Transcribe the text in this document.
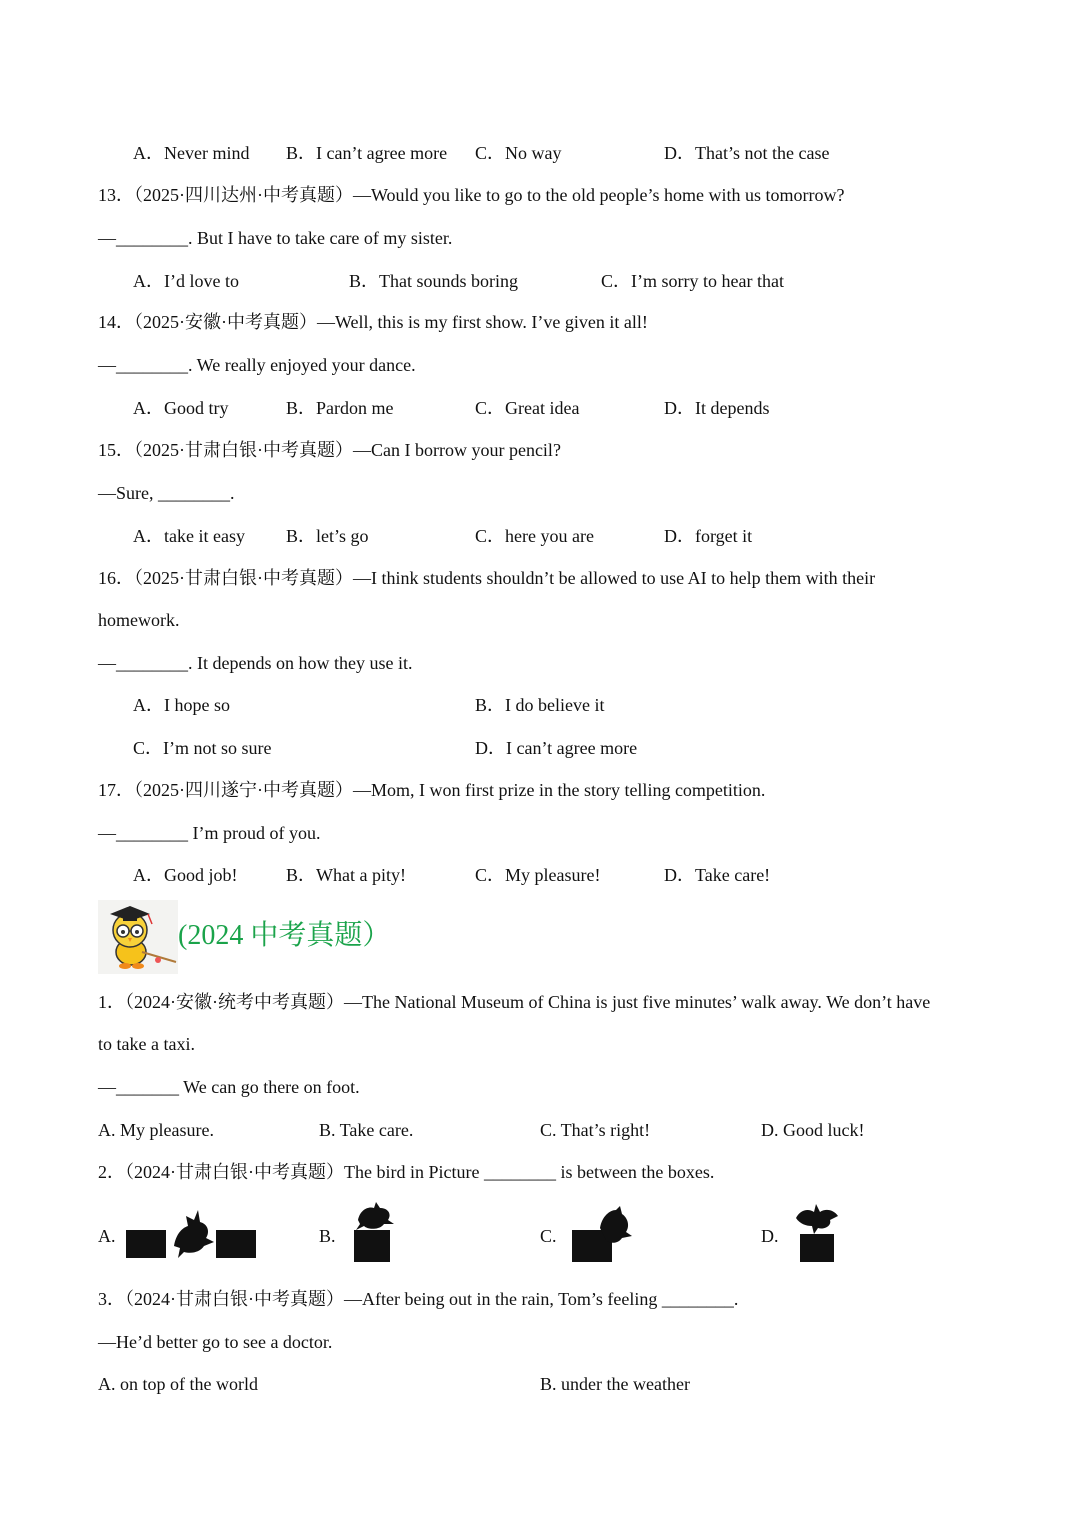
A．Never mind B．I can’t agree more C．No way	D．That’s not the case
13．（2025·四川达州·中考真题）—Would you like to go to the old people’s home with us tomorrow?
—________. But I have to take care of my sister.
A．I’d love to	B．That sounds boring	C．I’m sorry to hear that
14．（2025·安徽·中考真题）—Well, this is my first show. I’ve given it all!
—________. We really enjoyed your dance.
A．Good try	B．Pardon me	C．Great idea	D．It depends
15．（2025·甘肃白银·中考真题）—Can I borrow your pencil?
—Sure, ________.
A．take it easy B．let’s go	C．here you are	D．forget it
16．（2025·甘肃白银·中考真题）—I think students shouldn’t be allowed to use AI to help them with their
homework.
—________. It depends on how they use it.
A．I hope so	B．I do believe it
C．I’m not so sure	D．I can’t agree more
17．（2025·四川遂宁·中考真题）—Mom, I won first prize in the story telling competition.
—________ I’m proud of you.
A．Good job!	B．What a pity!	C．My pleasure!	D．Take care!
(2024 中考真题）
1．（2024·安徽·统考中考真题）—The National Museum of China is just five minutes’ walk away. We don’t have
to take a taxi.
—_______ We can go there on foot.
A. My pleasure.	B. Take care.	C. That’s right!	D. Good luck!
2．（2024·甘肃白银·中考真题）The bird in Picture ________ is between the boxes.
A.	B.	C.	D.
3．（2024·甘肃白银·中考真题）—After being out in the rain, Tom’s feeling ________.
—He’d better go to see a doctor.
A. on top of the world	B. under the weather
